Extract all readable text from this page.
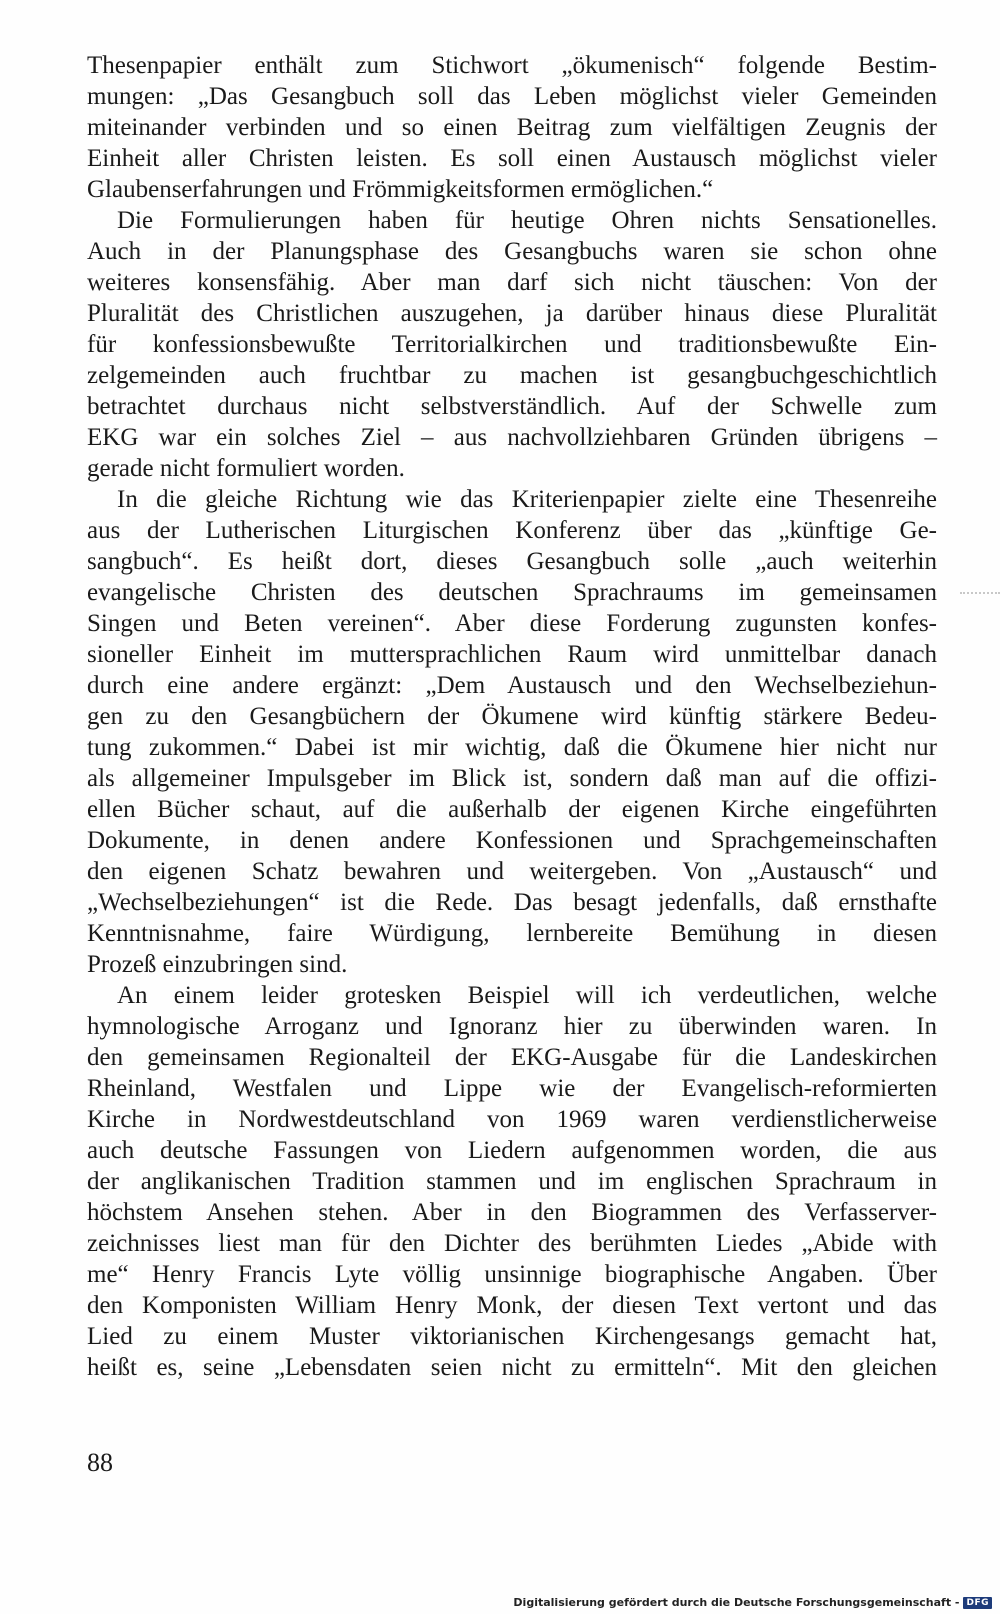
Thesenpapier enthält zum Stichwort „ökumenisch“ folgende Bestim-
mungen: „Das Gesangbuch soll das Leben möglichst vieler Gemeinden
miteinander verbinden und so einen Beitrag zum vielfältigen Zeugnis der
Einheit aller Christen leisten. Es soll einen Austausch möglichst vieler
Glaubenserfahrungen und Frömmigkeitsformen ermöglichen.“
Die Formulierungen haben für heutige Ohren nichts Sensationelles.
Auch in der Planungsphase des Gesangbuchs waren sie schon ohne
weiteres konsensfähig. Aber man darf sich nicht täuschen: Von der
Pluralität des Christlichen auszugehen, ja darüber hinaus diese Pluralität
für konfessionsbewußte Territorialkirchen und traditionsbewußte Ein-
zelgemeinden auch fruchtbar zu machen ist gesangbuchgeschichtlich
betrachtet durchaus nicht selbstverständlich. Auf der Schwelle zum
EKG war ein solches Ziel – aus nachvollziehbaren Gründen übrigens –
gerade nicht formuliert worden.
In die gleiche Richtung wie das Kriterienpapier zielte eine Thesenreihe
aus der Lutherischen Liturgischen Konferenz über das „künftige Ge-
sangbuch“. Es heißt dort, dieses Gesangbuch solle „auch weiterhin
evangelische Christen des deutschen Sprachraums im gemeinsamen
Singen und Beten vereinen“. Aber diese Forderung zugunsten konfes-
sioneller Einheit im muttersprachlichen Raum wird unmittelbar danach
durch eine andere ergänzt: „Dem Austausch und den Wechselbeziehun-
gen zu den Gesangbüchern der Ökumene wird künftig stärkere Bedeu-
tung zukommen.“ Dabei ist mir wichtig, daß die Ökumene hier nicht nur
als allgemeiner Impulsgeber im Blick ist, sondern daß man auf die offizi-
ellen Bücher schaut, auf die außerhalb der eigenen Kirche eingeführten
Dokumente, in denen andere Konfessionen und Sprachgemeinschaften
den eigenen Schatz bewahren und weitergeben. Von „Austausch“ und
„Wechselbeziehungen“ ist die Rede. Das besagt jedenfalls, daß ernsthafte
Kenntnisnahme, faire Würdigung, lernbereite Bemühung in diesen
Prozeß einzubringen sind.
An einem leider grotesken Beispiel will ich verdeutlichen, welche
hymnologische Arroganz und Ignoranz hier zu überwinden waren. In
den gemeinsamen Regionalteil der EKG-Ausgabe für die Landeskirchen
Rheinland, Westfalen und Lippe wie der Evangelisch-reformierten
Kirche in Nordwestdeutschland von 1969 waren verdienstlicherweise
auch deutsche Fassungen von Liedern aufgenommen worden, die aus
der anglikanischen Tradition stammen und im englischen Sprachraum in
höchstem Ansehen stehen. Aber in den Biogrammen des Verfasserver-
zeichnisses liest man für den Dichter des berühmten Liedes „Abide with
me“ Henry Francis Lyte völlig unsinnige biographische Angaben. Über
den Komponisten William Henry Monk, der diesen Text vertont und das
Lied zu einem Muster viktorianischen Kirchengesangs gemacht hat,
heißt es, seine „Lebensdaten seien nicht zu ermitteln“. Mit den gleichen
88
Digitalisierung gefördert durch die Deutsche Forschungsgemeinschaft - DFG
